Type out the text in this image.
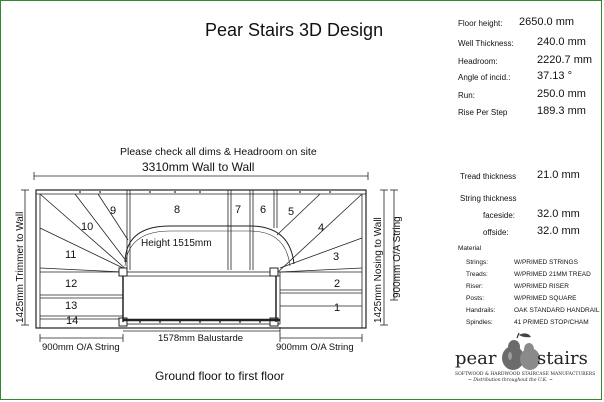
Pear Stairs 3D Design	Floor height: 2650.0 mm
Well Thickness: 240.0 mm
Headroom:	2220.7 mm
Angle of incid.: 37.13 °
Run:	250.0 mm
Rise Per Step	189.3 mm
Tread thickness 21.0 mm
String thickness
faceside: 32.0 mm
offside:	32.0 mm
Material
Strings:	W/PRIMED STRINGS
Treads:	W/PRIMED 21MM TREAD
Riser:	W/PRIMED RISER
Posts:	W/PRIMED SQUARE
Handrails:	OAK STANDARD HANDRAIL
Spindles:	41 PRIMED STOP/CHAM
Please check all dims & Headroom on site
3310mm Wall to Wall
1
2
3
4
5
6
7
8
9
10
11
12
13
14
Height 1515mm
1425mm Trimmer to Wall	1425mm Nosing to Wall 900mm O/A String
900mm O/A String
1578mm Balustarde
900mm O/A String
Ground floor to first floor
pear stairs
SOFTWOOD & HARDWOOD STAIRCASE MANUFACTURERS
~ Distribution throughout the U.K. ~
